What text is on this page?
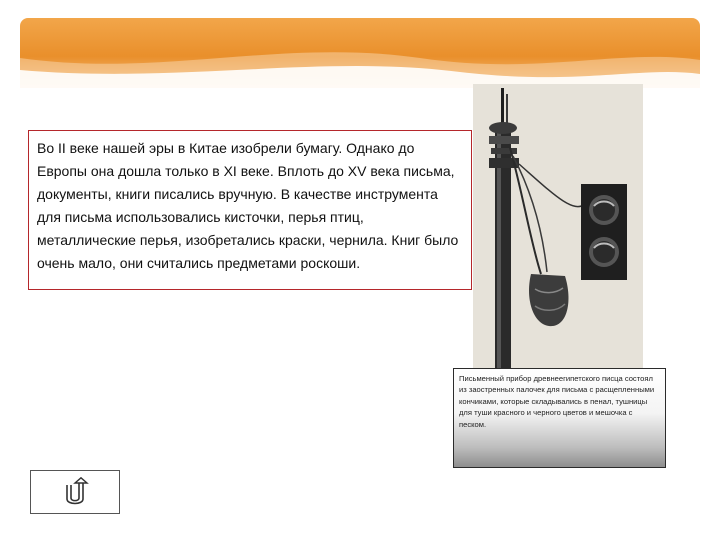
Во II веке нашей эры в Китае изобрели бумагу. Однако до Европы она дошла только в XI веке. Вплоть до XV века письма, документы, книги писались вручную. В качестве инструмента для письма использовались кисточки, перья птиц, металлические перья, изобретались краски, чернила. Книг было очень мало, они считались предметами роскоши.
Письменный прибор древнеегипетского писца состоял из заостренных палочек для письма с расщепленными кончиками, которые складывались в пенал, тушницы для туши красного и черного цветов и мешочка с песком.
